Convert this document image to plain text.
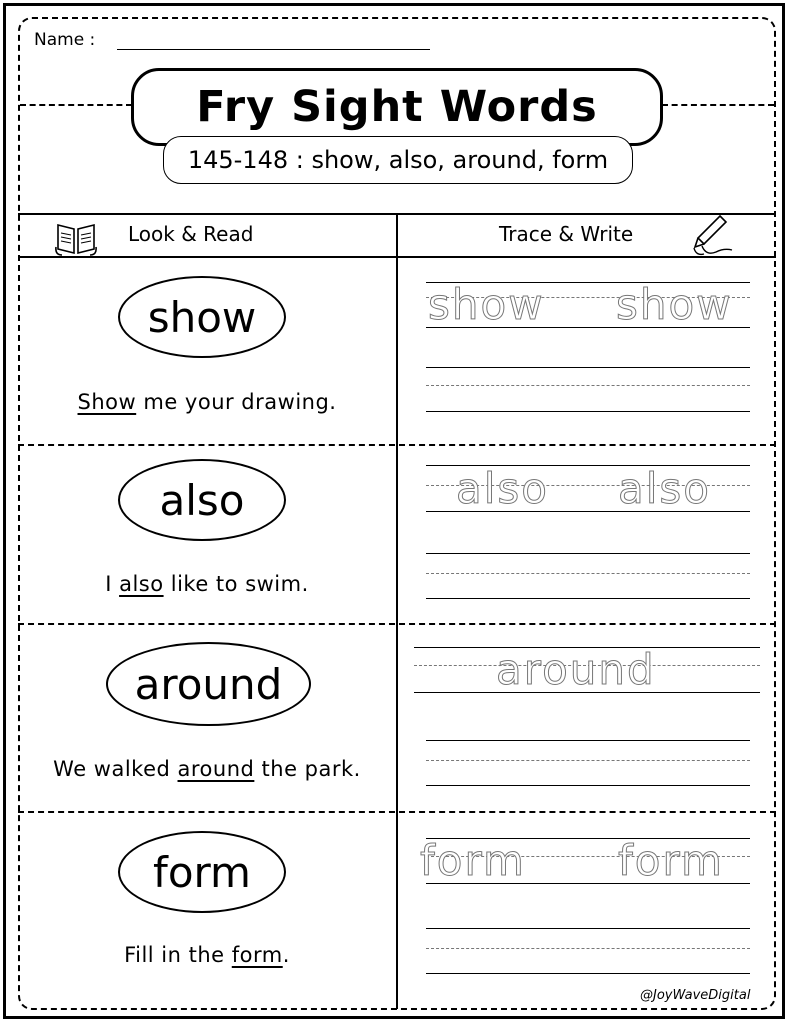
Name :
Fry Sight Words
145-148 : show, also, around, form
Look & Read	Trace & Write
show
Show me your drawing.
show show
also
I also like to swim.
also also
around
We walked around the park.
around
form
Fill in the form.
form form
@JoyWaveDigital
